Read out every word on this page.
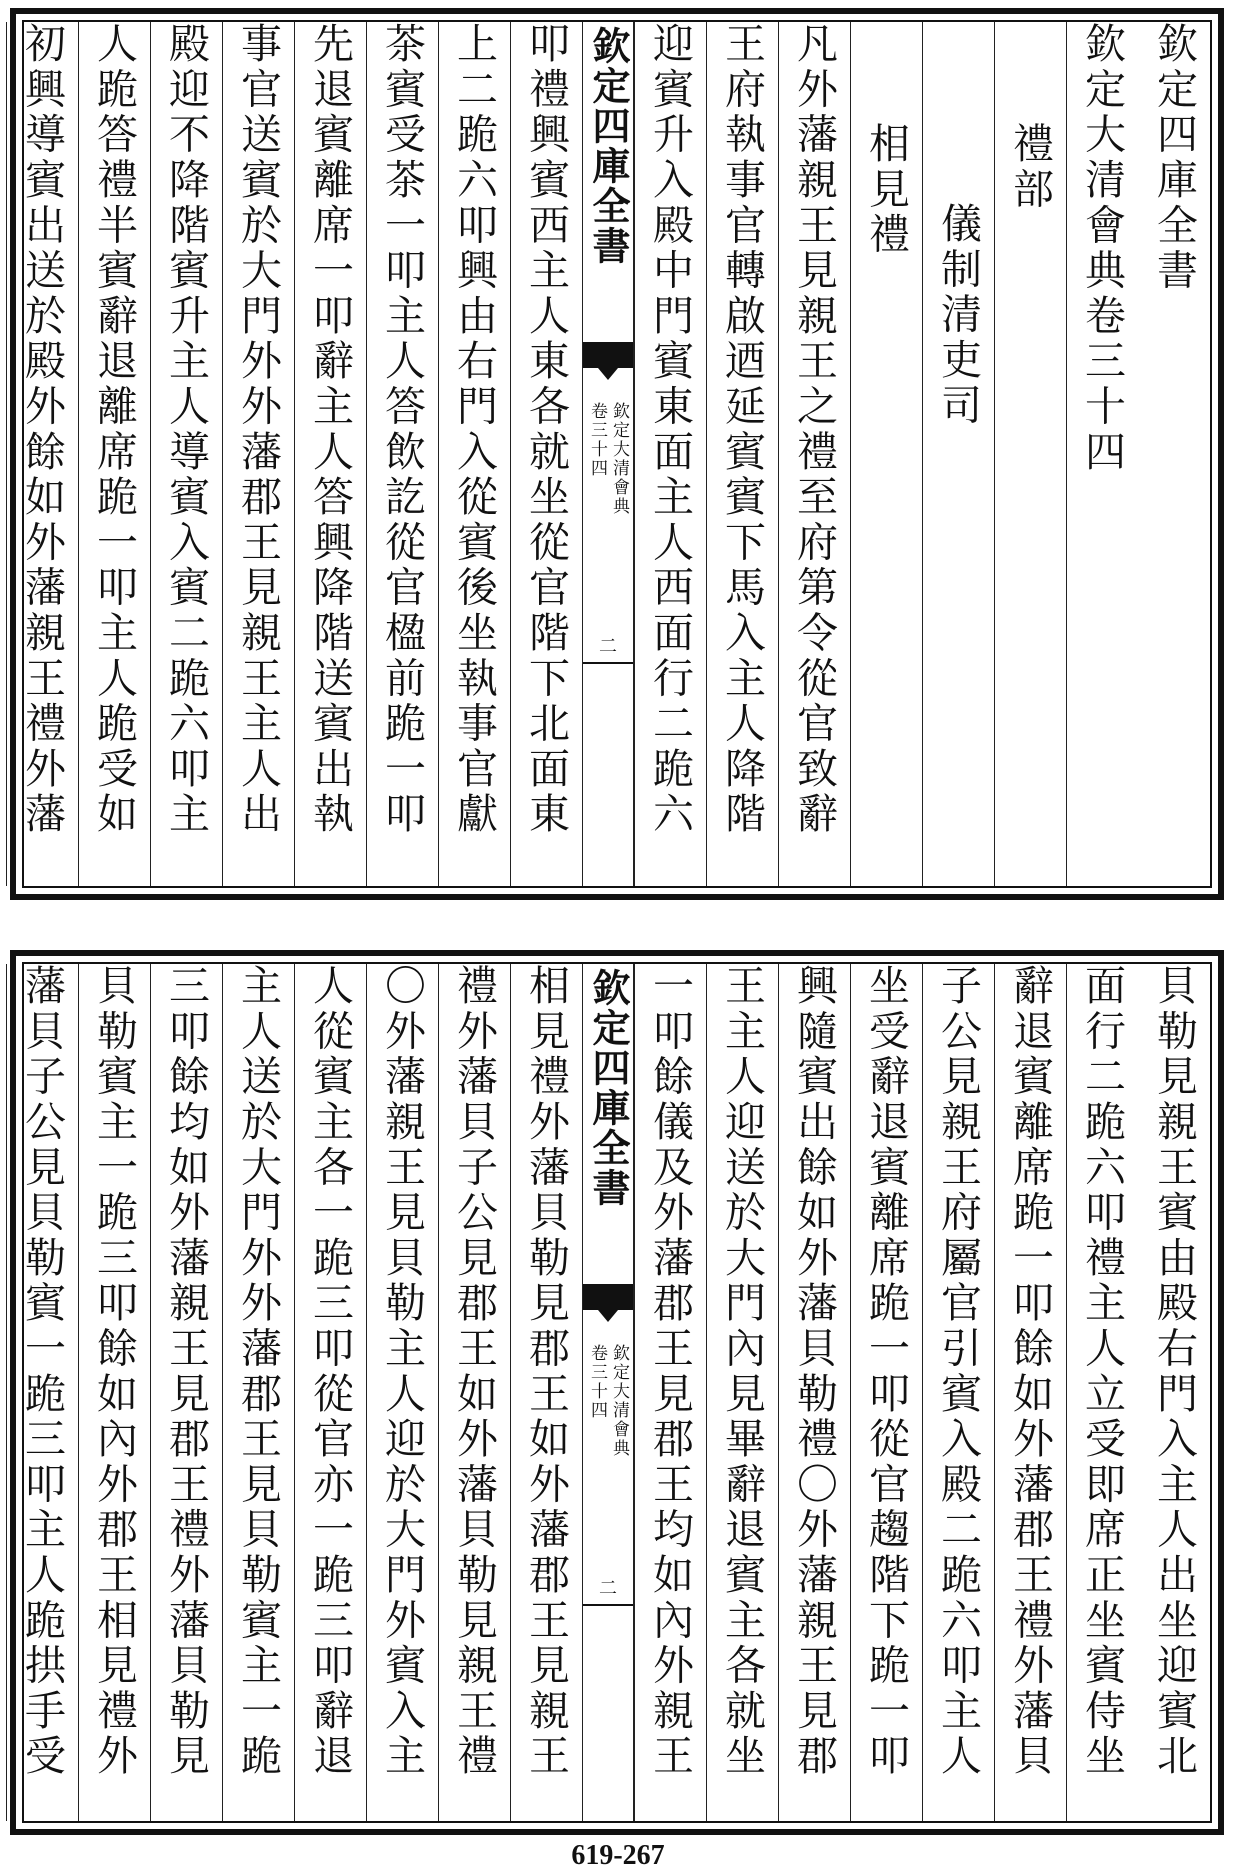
欽定四庫全書
欽定大清會典卷三十四
禮部
儀制清吏司
相見禮
凡外藩親王見親王之禮至府第令從官致辭
王府執事官轉啟迺延賓賓下馬入主人降階
迎賓升入殿中門賓東面主人西面行二跪六
欽定四庫全書
欽定大清會典
卷三十四
二
叩禮興賓西主人東各就坐從官階下北面東
上二跪六叩興由右門入從賓後坐執事官獻
茶賓受茶一叩主人答飲訖從官楹前跪一叩
先退賓離席一叩辭主人答興降階送賓出執
事官送賓於大門外外藩郡王見親王主人出
殿迎不降階賓升主人導賓入賓二跪六叩主
人跪答禮半賓辭退離席跪一叩主人跪受如
初興導賓出送於殿外餘如外藩親王禮外藩
貝勒見親王賓由殿右門入主人出坐迎賓北
面行二跪六叩禮主人立受即席正坐賓侍坐
辭退賓離席跪一叩餘如外藩郡王禮外藩貝
子公見親王府屬官引賓入殿二跪六叩主人
坐受辭退賓離席跪一叩從官趨階下跪一叩
興隨賓出餘如外藩貝勒禮〇外藩親王見郡
王主人迎送於大門內見畢辭退賓主各就坐
一叩餘儀及外藩郡王見郡王均如內外親王
欽定四庫全書
欽定大清會典
卷三十四
二
相見禮外藩貝勒見郡王如外藩郡王見親王
禮外藩貝子公見郡王如外藩貝勒見親王禮
〇外藩親王見貝勒主人迎於大門外賓入主
人從賓主各一跪三叩從官亦一跪三叩辭退
主人送於大門外外藩郡王見貝勒賓主一跪
三叩餘均如外藩親王見郡王禮外藩貝勒見
貝勒賓主一跪三叩餘如內外郡王相見禮外
藩貝子公見貝勒賓一跪三叩主人跪拱手受
619-267
